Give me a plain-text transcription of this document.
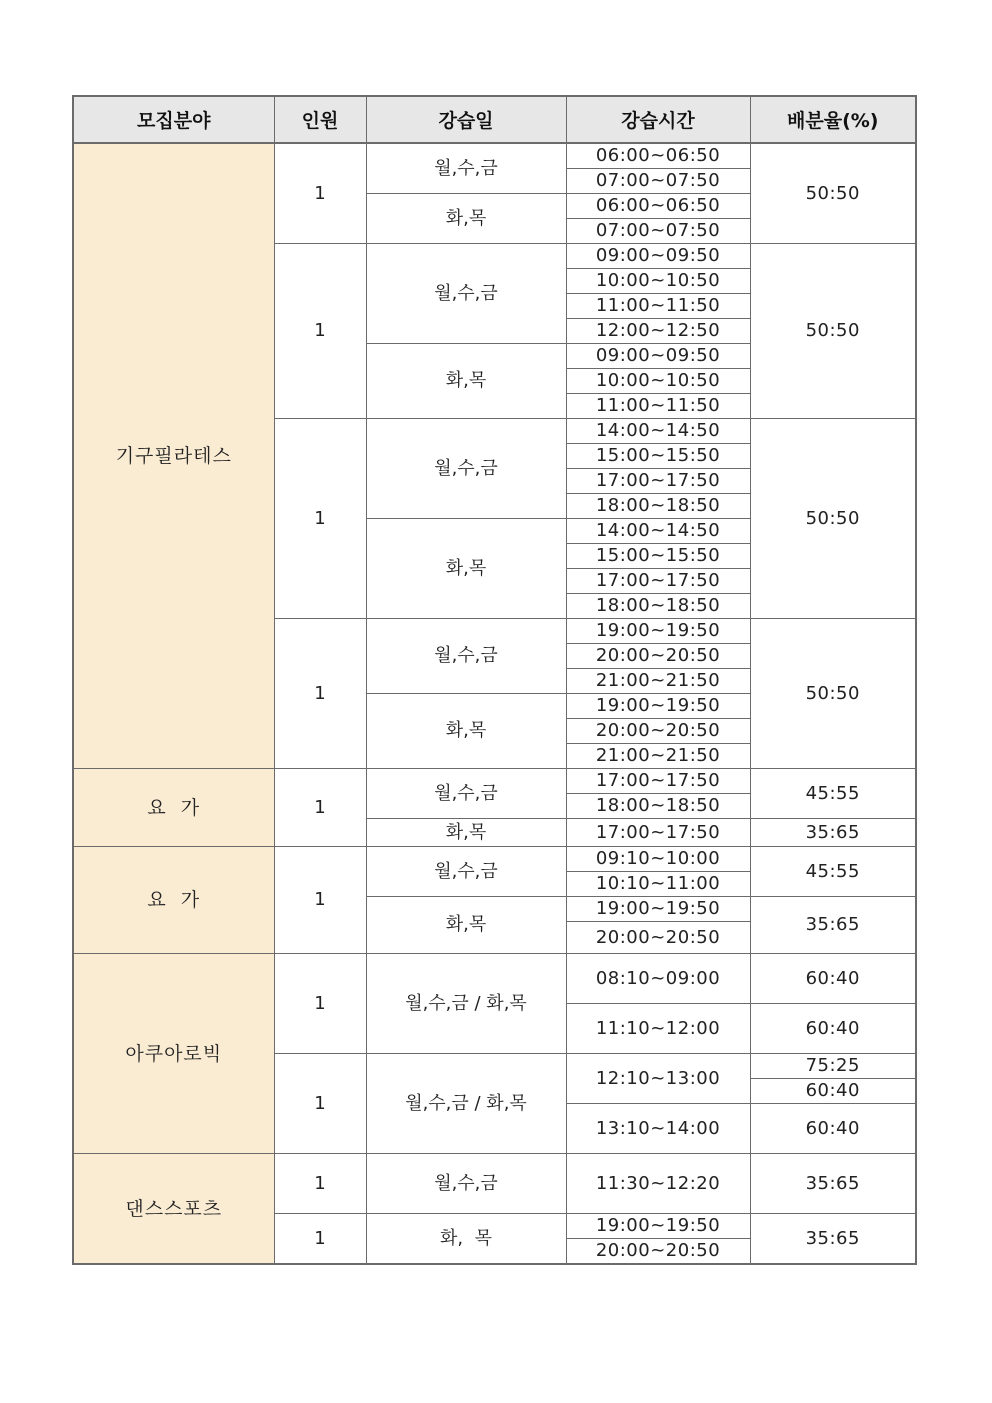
모집분야	인원	강습일	강습시간	배분율(%)
기구필라테스	1	월,수,금	06:00~06:50	50:50
			07:00~07:50	
		화,목	06:00~06:50	
			07:00~07:50	
	1	월,수,금	09:00~09:50	50:50
			10:00~10:50	
			11:00~11:50	
			12:00~12:50	
		화,목	09:00~09:50	
			10:00~10:50	
			11:00~11:50	
	1	월,수,금	14:00~14:50	50:50
			15:00~15:50	
			17:00~17:50	
			18:00~18:50	
		화,목	14:00~14:50	
			15:00~15:50	
			17:00~17:50	
			18:00~18:50	
	1	월,수,금	19:00~19:50	50:50
			20:00~20:50	
			21:00~21:50	
		화,목	19:00~19:50	
			20:00~20:50	
			21:00~21:50	
요  가	1	월,수,금	17:00~17:50	45:55
			18:00~18:50	
		화,목	17:00~17:50	35:65
요  가	1	월,수,금	09:10~10:00	45:55
			10:10~11:00	
		화,목	19:00~19:50	35:65
			20:00~20:50	
아쿠아로빅	1	월,수,금 / 화,목	08:10~09:00	60:40
			11:10~12:00	60:40
	1	월,수,금 / 화,목	12:10~13:00	75:25
				60:40
			13:10~14:00	60:40
댄스스포츠	1	월,수,금	11:30~12:20	35:65
	1	화,  목	19:00~19:50	35:65
			20:00~20:50	
